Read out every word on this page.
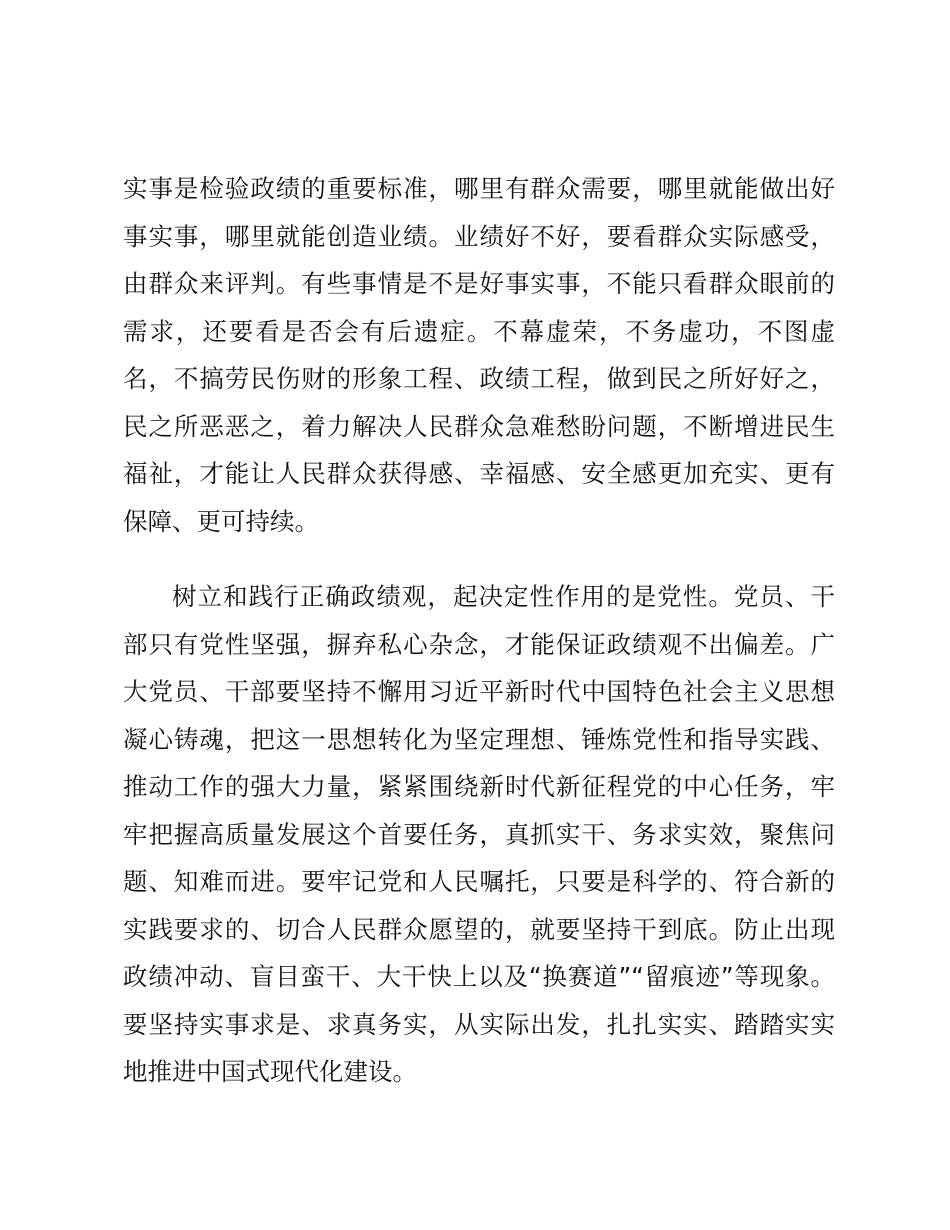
实事是检验政绩的重要标准，哪里有群众需要，哪里就能做出好
事实事，哪里就能创造业绩。业绩好不好，要看群众实际感受，
由群众来评判。有些事情是不是好事实事，不能只看群众眼前的
需求，还要看是否会有后遗症。不幕虚荣，不务虚功，不图虚
名，不搞劳民伤财的形象工程、政绩工程，做到民之所好好之，
民之所恶恶之，着力解决人民群众急难愁盼问题，不断增进民生
福祉，才能让人民群众获得感、幸福感、安全感更加充实、更有
保障、更可持续。
树立和践行正确政绩观，起决定性作用的是党性。党员、干
部只有党性坚强，摒弃私心杂念，才能保证政绩观不出偏差。广
大党员、干部要坚持不懈用习近平新时代中国特色社会主义思想
凝心铸魂，把这一思想转化为坚定理想、锤炼党性和指导实践、
推动工作的强大力量，紧紧围绕新时代新征程党的中心任务，牢
牢把握高质量发展这个首要任务，真抓实干、务求实效，聚焦问
题、知难而进。要牢记党和人民嘱托，只要是科学的、符合新的
实践要求的、切合人民群众愿望的，就要坚持干到底。防止出现
政绩冲动、盲目蛮干、大干快上以及“换赛道”“留痕迹”等现象。
要坚持实事求是、求真务实，从实际出发，扎扎实实、踏踏实实
地推进中国式现代化建设。
